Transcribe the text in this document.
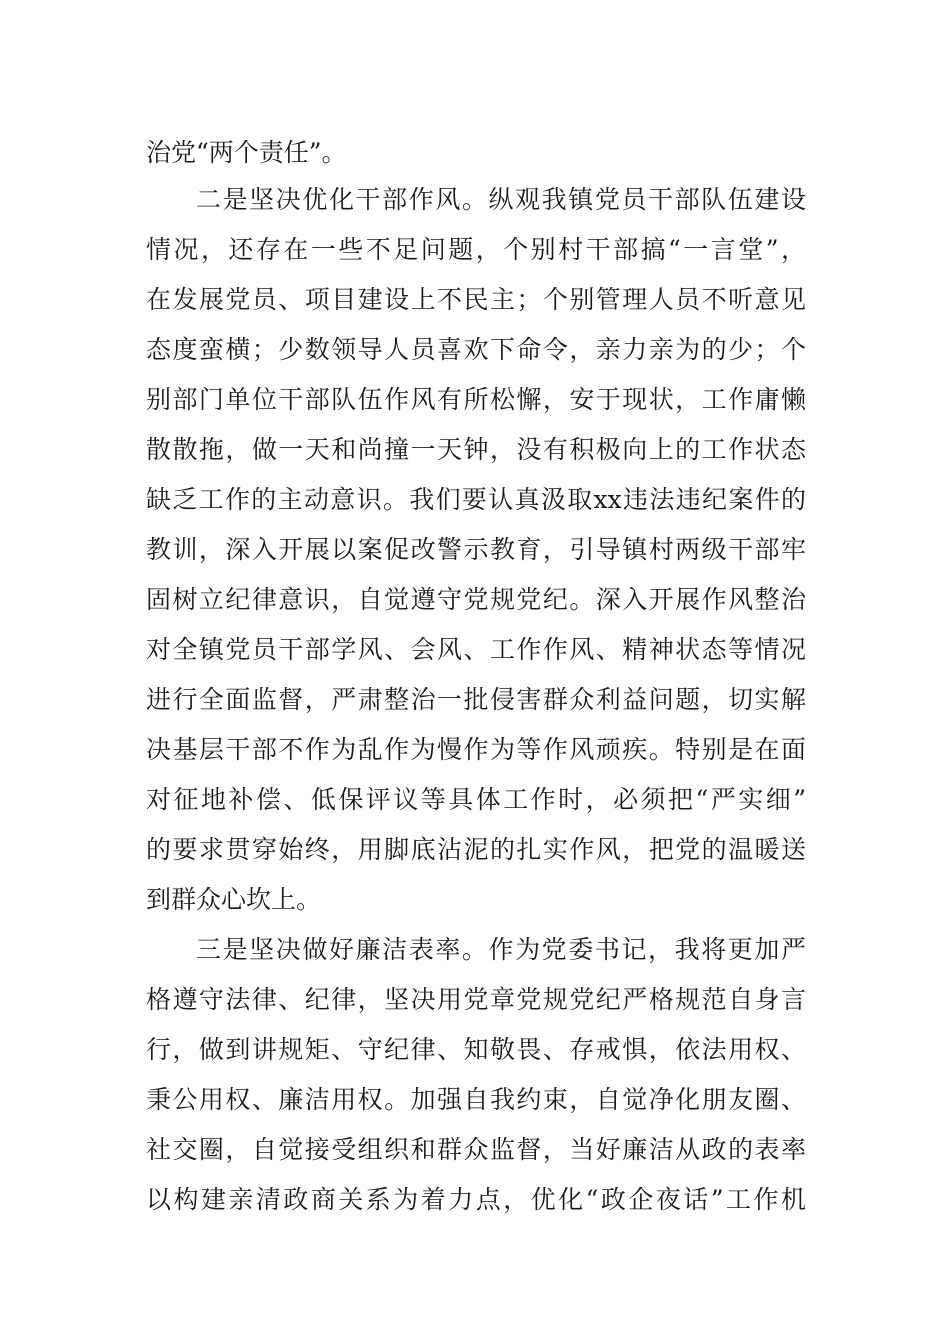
治党“两个责任”。
二是坚决优化干部作风。纵观我镇党员干部队伍建设
情况，还存在一些不足问题，个别村干部搞“一言堂”，
在发展党员、项目建设上不民主；个别管理人员不听意见
态度蛮横；少数领导人员喜欢下命令，亲力亲为的少；个
别部门单位干部队伍作风有所松懈，安于现状，工作庸懒
散散拖，做一天和尚撞一天钟，没有积极向上的工作状态
缺乏工作的主动意识。我们要认真汲取xx违法违纪案件的
教训，深入开展以案促改警示教育，引导镇村两级干部牢
固树立纪律意识，自觉遵守党规党纪。深入开展作风整治
对全镇党员干部学风、会风、工作作风、精神状态等情况
进行全面监督，严肃整治一批侵害群众利益问题，切实解
决基层干部不作为乱作为慢作为等作风顽疾。特别是在面
对征地补偿、低保评议等具体工作时，必须把“严实细”
的要求贯穿始终，用脚底沾泥的扎实作风，把党的温暖送
到群众心坎上。
三是坚决做好廉洁表率。作为党委书记，我将更加严
格遵守法律、纪律，坚决用党章党规党纪严格规范自身言
行，做到讲规矩、守纪律、知敬畏、存戒惧，依法用权、
秉公用权、廉洁用权。加强自我约束，自觉净化朋友圈、
社交圈，自觉接受组织和群众监督，当好廉洁从政的表率
以构建亲清政商关系为着力点，优化“政企夜话”工作机
